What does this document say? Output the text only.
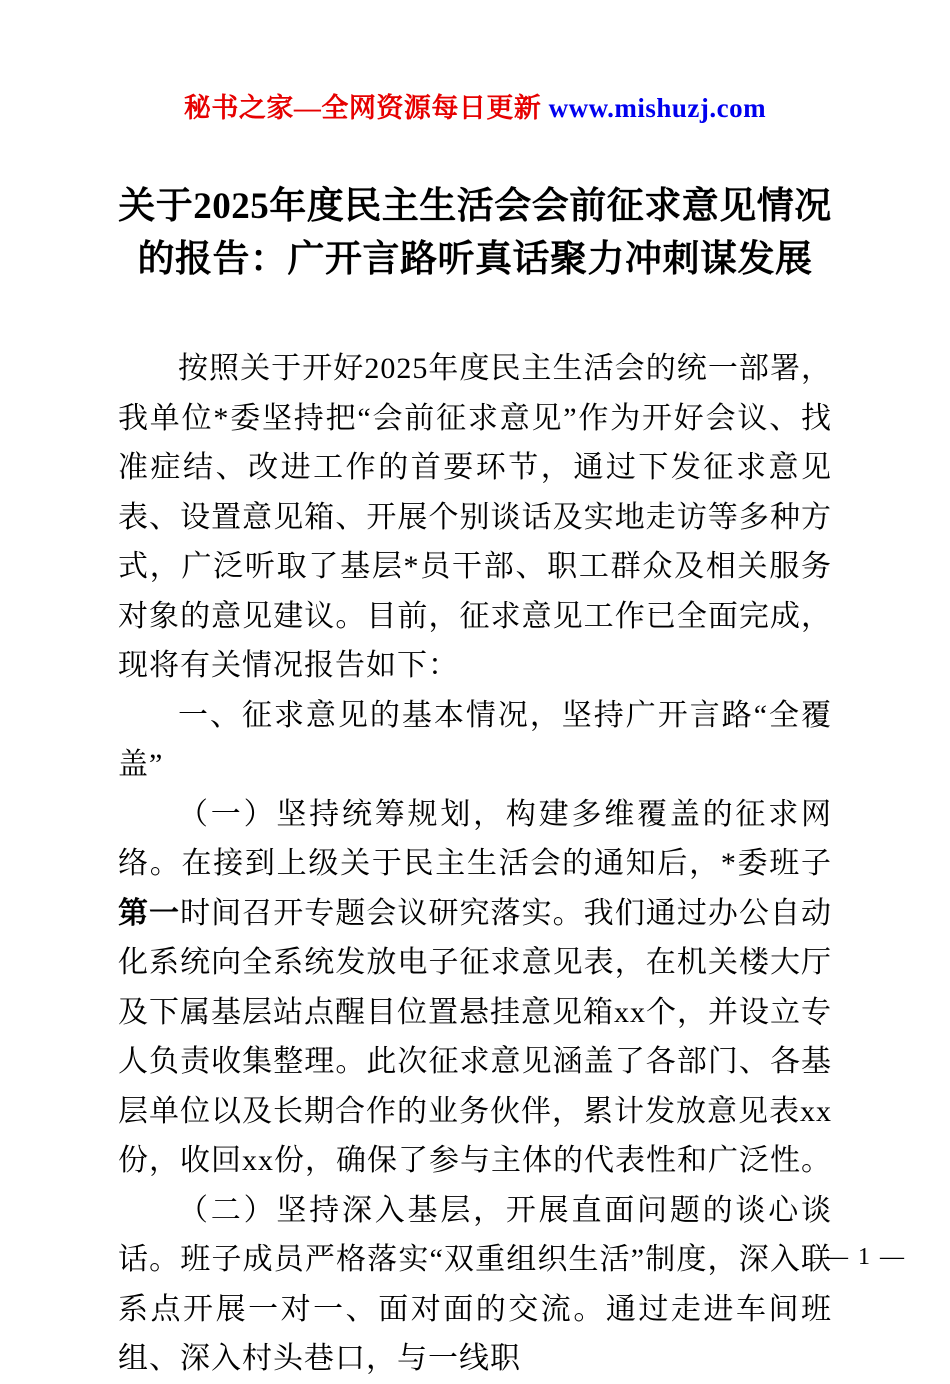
秘书之家—全网资源每日更新 www.mishuzj.com
关于2025年度民主生活会会前征求意见情况
的报告：广开言路听真话聚力冲刺谋发展

按照关于开好2025年度民主生活会的统一部署，我单位*委坚持把“会前征求意见”作为开好会议、找准症结、改进工作的首要环节，通过下发征求意见表、设置意见箱、开展个别谈话及实地走访等多种方式，广泛听取了基层*员干部、职工群众及相关服务对象的意见建议。目前，征求意见工作已全面完成，现将有关情况报告如下：

一、征求意见的基本情况，坚持广开言路“全覆盖”

（一）坚持统筹规划，构建多维覆盖的征求网络。在接到上级关于民主生活会的通知后，*委班子第一时间召开专题会议研究落实。我们通过办公自动化系统向全系统发放电子征求意见表，在机关楼大厅及下属基层站点醒目位置悬挂意见箱xx个，并设立专人负责收集整理。此次征求意见涵盖了各部门、各基层单位以及长期合作的业务伙伴，累计发放意见表xx份，收回xx份，确保了参与主体的代表性和广泛性。

（二）坚持深入基层，开展直面问题的谈心谈话。班子成员严格落实“双重组织生活”制度，深入联系点开展一对一、面对面的交流。通过走进车间班组、深入村头巷口，与一线职

— 1 —
